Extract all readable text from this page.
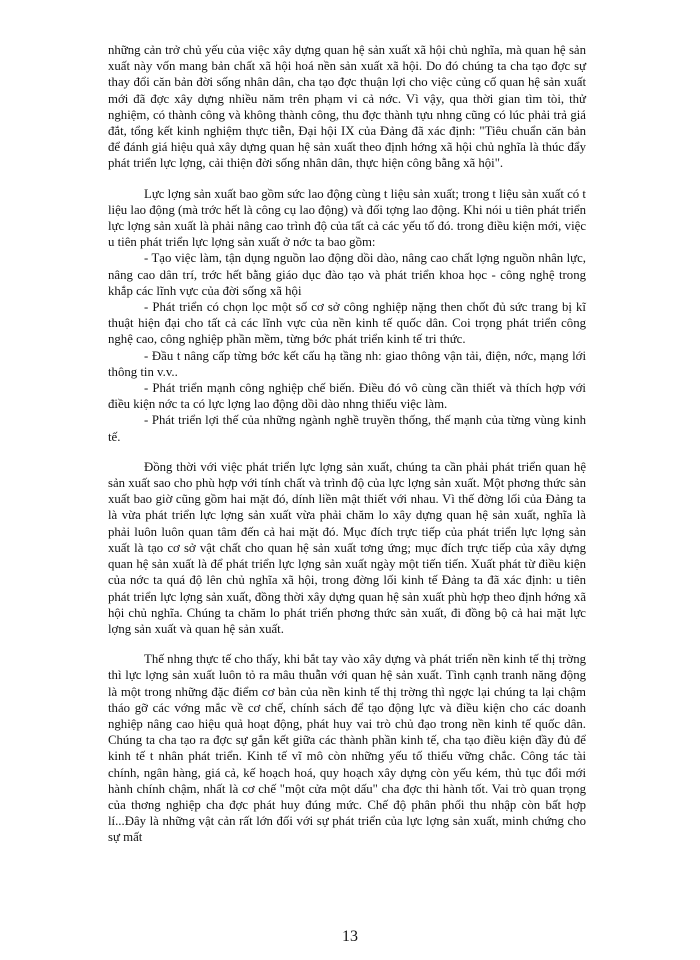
những cản trở chủ yếu của việc xây dựng quan hệ sản xuất xã hội chủ nghĩa, mà quan hệ sản xuất này vốn mang bản chất xã hội hoá nền sản xuất xã hội. Do đó chúng ta cha tạo đợc sự thay đổi căn bản đời sống nhân dân, cha tạo đợc thuận lợi cho việc củng cố quan hệ sản xuất mới đã đợc xây dựng nhiều năm trên phạm vi cả nớc. Vì vậy, qua thời gian tìm tòi, thử nghiệm, có thành công và không thành công, thu đợc thành tựu nhng cũng có lúc phải trả giá đắt, tổng kết kinh nghiệm thực tiễn, Đại hội IX của Đảng đã xác định: "Tiêu chuẩn căn bản để đánh giá hiệu quả xây dựng quan hệ sản xuất theo định hớng xã hội chủ nghĩa là thúc đẩy phát triển lực lợng, cải thiện đời sống nhân dân, thực hiện công bằng xã hội".

Lực lợng sản xuất bao gồm sức lao động cùng t liệu sản xuất; trong t liệu sản xuất có t liệu lao động (mà trớc hết là công cụ lao động) và đối tợng lao động. Khi nói u tiên phát triển lực lợng sản xuất là phải nâng cao trình độ của tất cả các yếu tố đó. trong điều kiện mới, việc u tiên phát triển lực lợng sản xuất ở nớc ta bao gồm:

- Tạo việc làm, tận dụng nguồn lao động dồi dào, nâng cao chất lợng nguồn nhân lực, nâng cao dân trí, trớc hết bằng giáo dục đào tạo và phát triển khoa học - công nghệ trong khắp các lĩnh vực của đời sống xã hội

- Phát triển có chọn lọc một số cơ sở công nghiệp nặng then chốt đủ sức trang bị kĩ thuật hiện đại cho tất cả các lĩnh vực của nền kinh tế quốc dân. Coi trọng phát triển công nghệ cao, công nghiệp phần mềm, từng bớc phát triển kinh tế tri thức.

- Đầu t nâng cấp từng bớc kết cấu hạ tầng nh: giao thông vận tải, điện, nớc, mạng lới thông tin v.v..

- Phát triển mạnh công nghiệp chế biến. Điều đó vô cùng cần thiết và thích hợp với điều kiện nớc ta có lực lợng lao động dồi dào nhng thiếu việc làm.

- Phát triển lợi thế của những ngành nghề truyền thống, thế mạnh của từng vùng kinh tế.

Đồng thời với việc phát triển lực lợng sản xuất, chúng ta cần phải phát triển quan hệ sản xuất sao cho phù hợp với tính chất và trình độ của lực lợng sản xuất. Một phơng thức sản xuất bao giờ cũng gồm hai mặt đó, dính liền mật thiết với nhau. Vì thế đờng lối của Đảng ta là vừa phát triển lực lợng sản xuất vừa phải chăm lo xây dựng quan hệ sản xuất, nghĩa là phải luôn luôn quan tâm đến cả hai mặt đó. Mục đích trực tiếp của phát triển lực lợng sản xuất là tạo cơ sở vật chất cho quan hệ sản xuất tơng ứng; mục đích trực tiếp của xây dựng quan hệ sản xuất là để phát triển lực lợng sản xuất ngày một tiến tiến. Xuất phát từ điều kiện của nớc ta quá độ lên chủ nghĩa xã hội, trong đờng lối kinh tế Đảng ta đã xác định: u tiên phát triển lực lợng sản xuất, đồng thời xây dựng quan hệ sản xuất phù hợp theo định hớng xã hội chủ nghĩa. Chúng ta chăm lo phát triển phơng thức sản xuất, đi đồng bộ cả hai mặt lực lợng sản xuất và quan hệ sản xuất.

Thế nhng thực tế cho thấy, khi bắt tay vào xây dựng và phát triển nền kinh tế thị trờng thì lực lợng sản xuất luôn tỏ ra mâu thuẫn với quan hệ sản xuất. Tình cạnh tranh năng động là một trong những đặc điểm cơ bản của nền kinh tế thị trờng thì ngợc lại chúng ta lại chậm tháo gỡ các vớng mắc về cơ chế, chính sách để tạo động lực và điều kiện cho các doanh nghiệp nâng cao hiệu quả hoạt động, phát huy vai trò chủ đạo trong nền kinh tế quốc dân. Chúng ta cha tạo ra đợc sự gắn kết giữa các thành phần kinh tế, cha tạo điều kiện đầy đủ để kinh tế t nhân phát triển. Kinh tế vĩ mô còn những yếu tố thiếu vững chắc. Công tác tài chính, ngân hàng, giá cả, kế hoạch hoá, quy hoạch xây dựng còn yếu kém, thủ tục đổi mới hành chính chậm, nhất là cơ chế "một cửa một dấu" cha đợc thi hành tốt. Vai trò quan trọng của thơng nghiệp cha đợc phát huy đúng mức. Chế độ phân phối thu nhập còn bất hợp lí...Đây là những vật cản rất lớn đối với sự phát triển của lực lợng sản xuất, minh chứng cho sự mất

13
